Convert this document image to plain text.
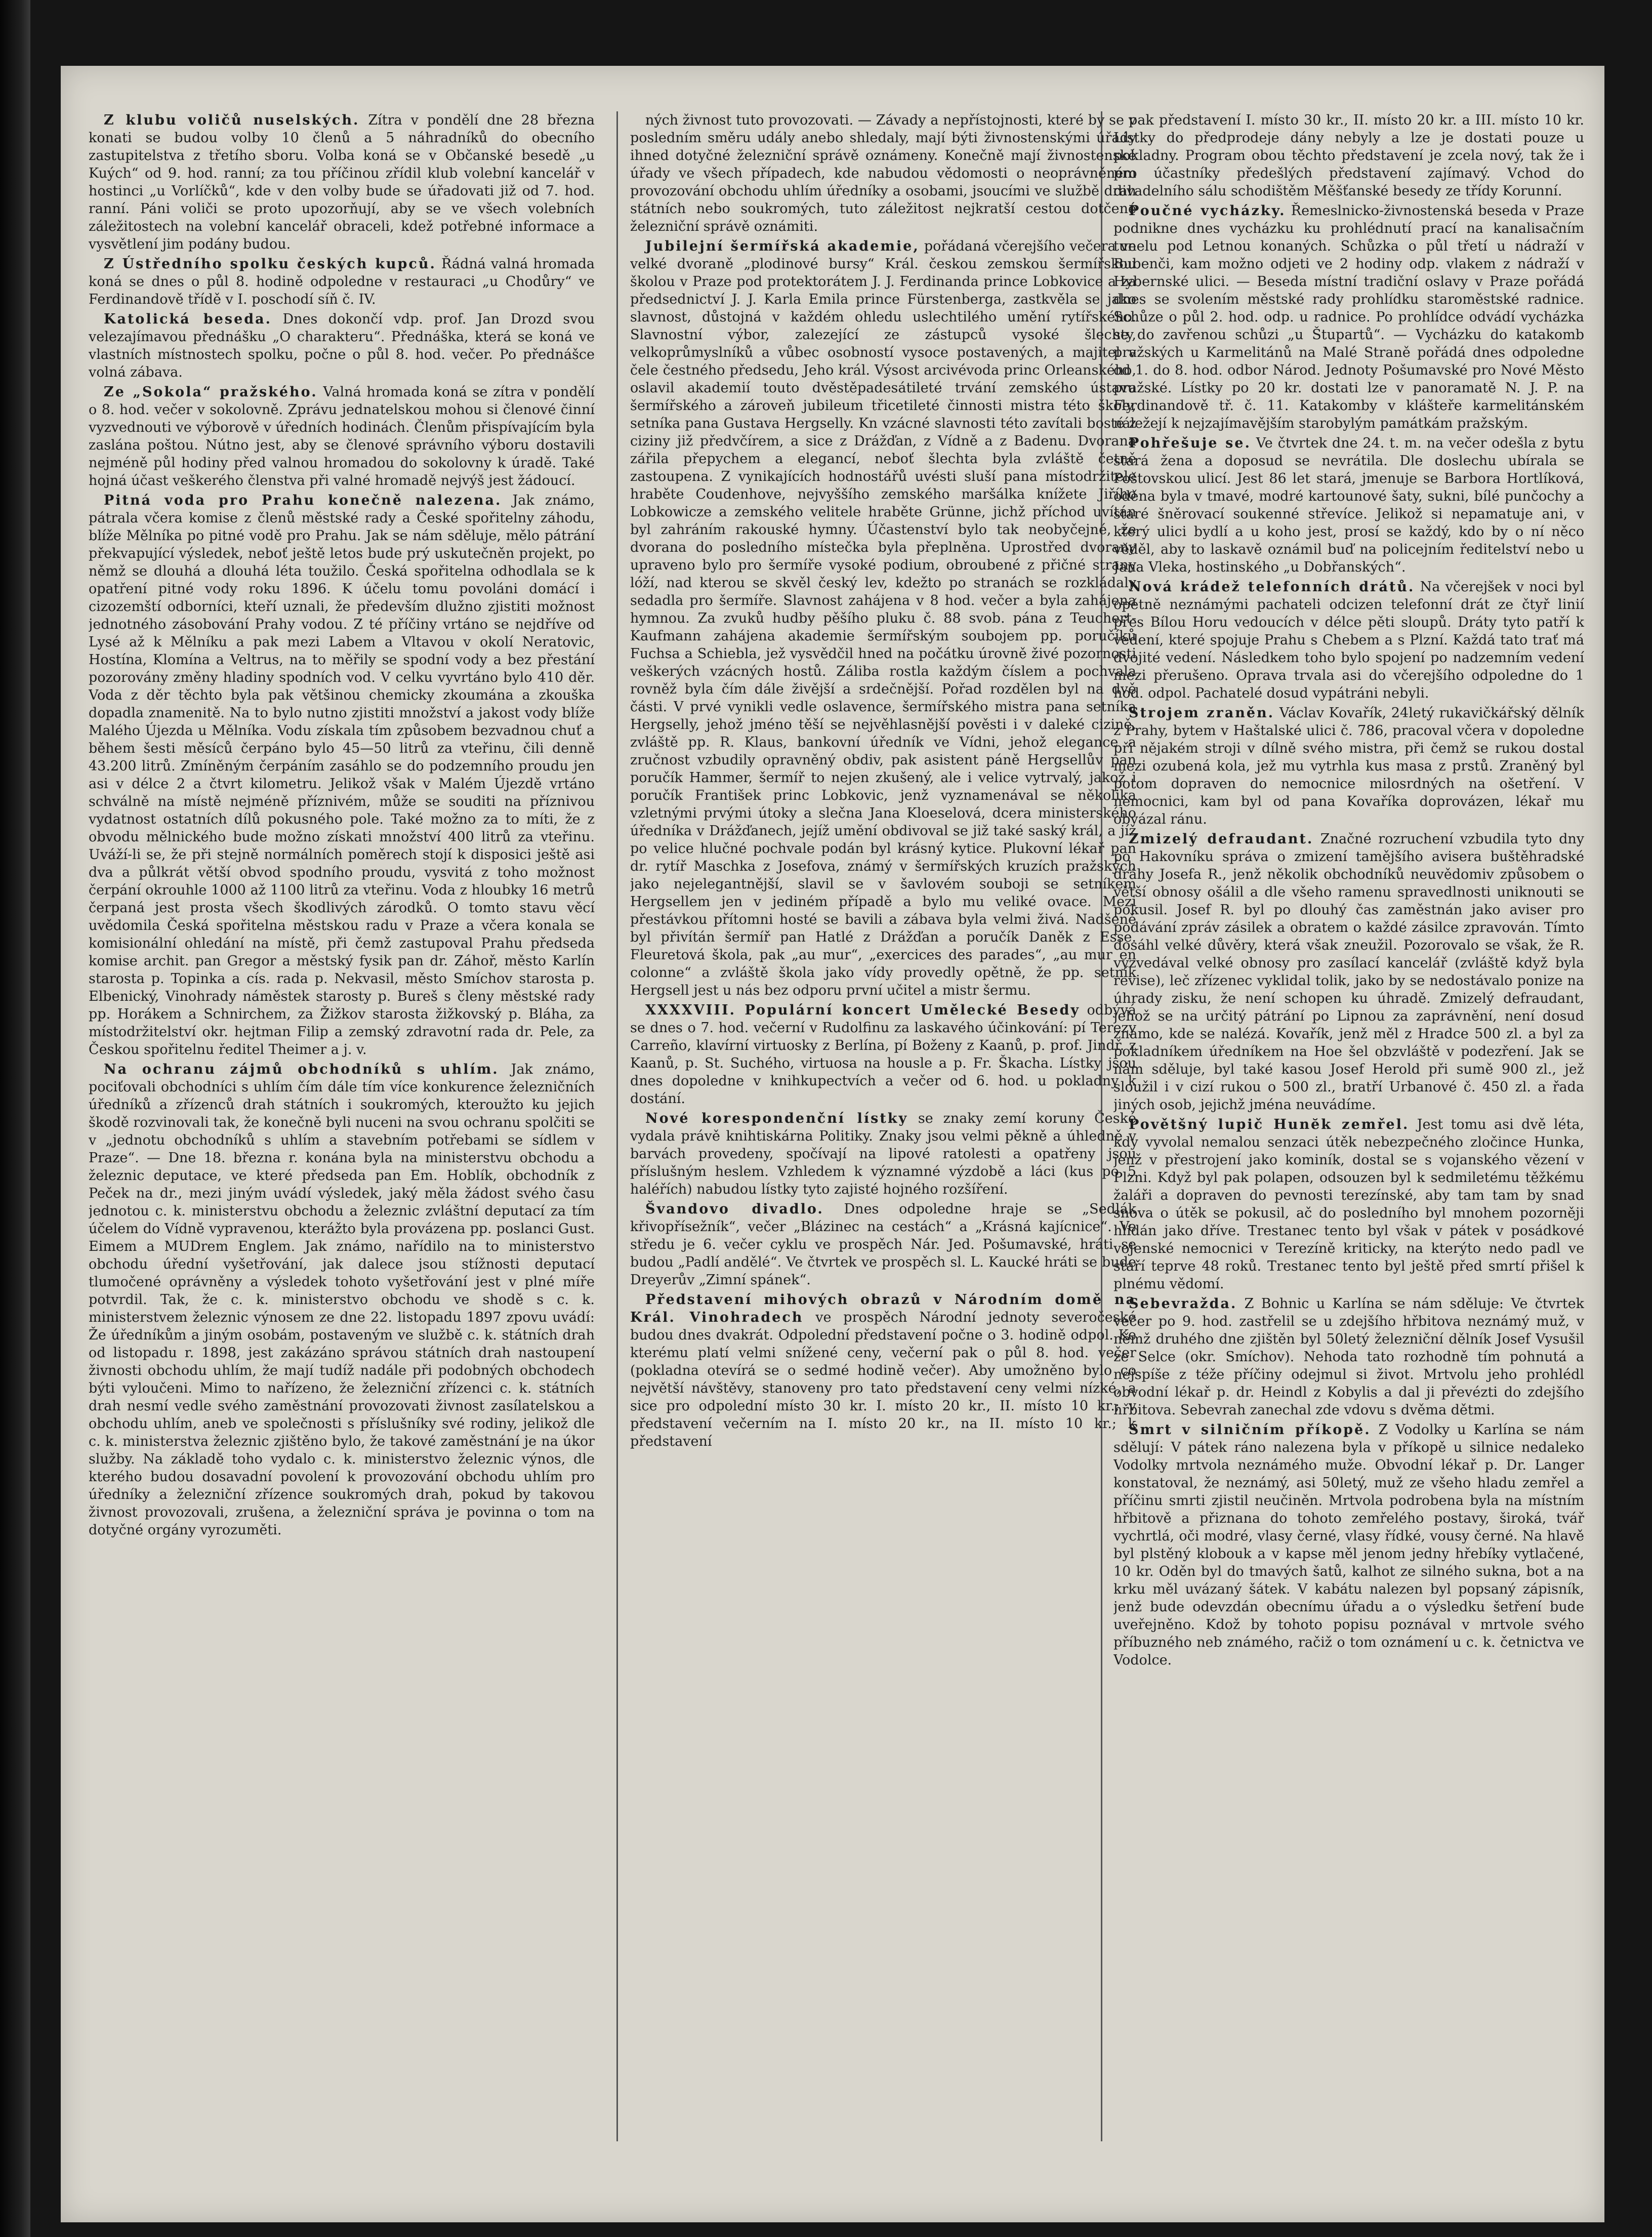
Z klubu voličů nuselských. Zítra v pondělí dne 28 března konati se budou volby 10 členů a 5 náhradníků do obecního zastupitelstva z třetího sboru. Volba koná se v Občanské besedě „u Kuých“ od 9. hod. ranní; za tou příčinou zřídil klub volební kancelář v hostinci „u Vorlíčků“, kde v den volby bude se úřadovati již od 7. hod. ranní. Páni voliči se proto upozorňují, aby se ve všech volebních záležitostech na volební kancelář obraceli, kdež potřebné informace a vysvětlení jim podány budou.

Z Ústředního spolku českých kupců. Řádná valná hromada koná se dnes o půl 8. hodině odpoledne v restauraci „u Chodůry“ ve Ferdinandově třídě v I. poschodí síň č. IV.

Katolická beseda. Dnes dokončí vdp. prof. Jan Drozd svou velezajímavou přednášku „O charakteru“. Přednáška, která se koná ve vlastních místnostech spolku, počne o půl 8. hod. večer. Po přednášce volná zábava.

Ze „Sokola“ pražského. Valná hromada koná se zítra v pondělí o 8. hod. večer v sokolovně. Zprávu jednatelskou mohou si členové činní vyzvednouti ve výborově v úředních hodinách. Členům přispívajícím byla zaslána poštou. Nútno jest, aby se členové správního výboru dostavili nejméně půl hodiny před valnou hromadou do sokolovny k úradě. Také hojná účast veškerého členstva při valné hromadě nejvýš jest žádoucí.

Pitná voda pro Prahu konečně nalezena. Jak známo, pátrala včera komise z členů městské rady a České spořitelny záhodu, blíže Mělníka po pitné vodě pro Prahu. Jak se nám sděluje, mělo pátrání překvapující výsledek, neboť ještě letos bude prý uskutečněn projekt, po němž se dlouhá a dlouhá léta toužilo. Česká spořitelna odhodlala se k opatření pitné vody roku 1896. K účelu tomu povoláni domácí i cizozemští odborníci, kteří uznali, že především dlužno zjistiti možnost jednotného zásobování Prahy vodou. Z té příčiny vrtáno se nejdříve od Lysé až k Mělníku a pak mezi Labem a Vltavou v okolí Neratovic, Hostína, Klomína a Veltrus, na to měřily se spodní vody a bez přestání pozorovány změny hladiny spodních vod. V celku vyvrtáno bylo 410 děr. Voda z děr těchto byla pak většinou chemicky zkoumána a zkouška dopadla znamenitě. Na to bylo nutno zjistiti množství a jakost vody blíže Malého Újezda u Mělníka. Vodu získala tím způsobem bezvadnou chuť a během šesti měsíců čerpáno bylo 45—50 litrů za vteřinu, čili denně 43.200 litrů. Zmíněným čerpáním zasáhlo se do podzemního proudu jen asi v délce 2 a čtvrt kilometru. Jelikož však v Malém Újezdě vrtáno schválně na místě nejméně příznivém, může se souditi na příznivou vydatnost ostatních dílů pokusného pole. Také možno za to míti, že z obvodu mělnického bude možno získati množství 400 litrů za vteřinu. Uváží-li se, že při stejně normálních poměrech stojí k disposici ještě asi dva a půlkrát větší obvod spodního proudu, vysvitá z toho možnost čerpání okrouhle 1000 až 1100 litrů za vteřinu. Voda z hloubky 16 metrů čerpaná jest prosta všech škodlivých zárodků. O tomto stavu věcí uvědomila Česká spořitelna městskou radu v Praze a včera konala se komisionální ohledání na místě, při čemž zastupoval Prahu předseda komise archit. pan Gregor a městský fysik pan dr. Záhoř, město Karlín starosta p. Topinka a cís. rada p. Nekvasil, město Smíchov starosta p. Elbenický, Vinohrady náměstek starosty p. Bureš s členy městské rady pp. Horákem a Schnirchem, za Žižkov starosta žižkovský p. Bláha, za místodržitelství okr. hejtman Filip a zemský zdravotní rada dr. Pele, za Českou spořitelnu ředitel Theimer a j. v.

Na ochranu zájmů obchodníků s uhlím. Jak známo, pociťovali obchodníci s uhlím čím dále tím více konkurence železničních úředníků a zřízenců drah státních i soukromých, kteroužto ku jejich škodě rozvinovali tak, že konečně byli nuceni na svou ochranu spolčiti se v „jednotu obchodníků s uhlím a stavebním potřebami se sídlem v Praze“. — Dne 18. března r. konána byla na ministerstvu obchodu a železnic deputace, ve které předseda pan Em. Hoblík, obchodník z Peček na dr., mezi jiným uvádí výsledek, jaký měla žádost svého času jednotou c. k. ministerstvu obchodu a železnic zvláštní deputací za tím účelem do Vídně vypravenou, kterážto byla provázena pp. poslanci Gust. Eimem a MUDrem Englem. Jak známo, nařídilo na to ministerstvo obchodu úřední vyšetřování, jak dalece jsou stížnosti deputací tlumočené oprávněny a výsledek tohoto vyšetřování jest v plné míře potvrdil. Tak, že c. k. ministerstvo obchodu ve shodě s c. k. ministerstvem železnic výnosem ze dne 22. listopadu 1897 zpovu uvádí: Že úředníkům a jiným osobám, postaveným ve službě c. k. státních drah od listopadu r. 1898, jest zakázáno správou státních drah nastoupení živnosti obchodu uhlím, že mají tudíž nadále při podobných obchodech býti vyloučeni. Mimo to nařízeno, že železniční zřízenci c. k. státních drah nesmí vedle svého zaměstnání provozovati živnost zasílatelskou a obchodu uhlím, aneb ve společnosti s příslušníky své rodiny, jelikož dle c. k. ministerstva železnic zjištěno bylo, že takové zaměstnání je na úkor služby. Na základě toho vydalo c. k. ministerstvo železnic výnos, dle kterého budou dosavadní povolení k provozování obchodu uhlím pro úředníky a železniční zřízence soukromých drah, pokud by takovou živnost provozovali, zrušena, a železniční správa je povinna o tom na dotyčné orgány vyrozuměti.

ných živnost tuto provozovati. — Závady a nepřístojnosti, které by se v posledním směru udály anebo shledaly, mají býti živnostenskými úřady ihned dotyčné železniční správě oznámeny. Konečně mají živnostenské úřady ve všech případech, kde nabudou vědomosti o neoprávněném provozování obchodu uhlím úředníky a osobami, jsoucími ve službě drah státních nebo soukromých, tuto záležitost nejkratší cestou dotčené železniční správě oznámiti.

Jubilejní šermířská akademie, pořádaná včerejšího večera ve velké dvoraně „plodinové bursy“ Král. českou zemskou šermířskou školou v Praze pod protektorátem J. J. Ferdinanda prince Lobkovice a za předsednictví J. J. Karla Emila prince Fürstenberga, zastkvěla se jako slavnost, důstojná v každém ohledu uslechtilého umění rytířského. Slavnostní výbor, zalezející ze zástupců vysoké šlechty, velkoprůmyslníků a vůbec osobností vysoce postavených, a majitel v čele čestného předsedu, Jeho král. Výsost arcivévoda princ Orleanského, oslavil akademií touto dvěstěpadesátileté trvání zemského ústavu šermířského a zároveň jubileum třicetileté činnosti mistra této školy, setníka pana Gustava Hergselly. Kn vzácné slavnosti této zavítali bosté z ciziny již předvčírem, a sice z Drážďan, z Vídně a z Badenu. Dvorana zářila přepychem a elegancí, neboť šlechta byla zvláště četně zastoupena. Z vynikajících hodnostářů uvésti sluší pana místodržitele hraběte Coudenhove, nejvyššího zemského maršálka knížete Jiřího Lobkowicze a zemského velitele hraběte Grünne, jichž příchod uvítán byl zahráním rakouské hymny. Účastenství bylo tak neobyčejné, že dvorana do posledního místečka byla přeplněna. Uprostřed dvorany upraveno bylo pro šermíře vysoké podium, obroubené z přičné strany lóží, nad kterou se skvěl český lev, kdežto po stranách se rozkládaly sedadla pro šermíře. Slavnost zahájena v 8 hod. večer a byla zahájena hymnou. Za zvuků hudby pěšího pluku č. 88 svob. pána z Teuchert-Kaufmann zahájena akademie šermířským soubojem pp. poručíků Fuchsa a Schiebla, jež vysvědčil hned na počátku úrovně živé pozornosti veškerých vzácných hostů. Záliba rostla každým číslem a pochvala rovněž byla čím dále živější a srdečnější. Pořad rozdělen byl na dvě části. V prvé vynikli vedle oslavence, šermířského mistra pana setníka Hergselly, jehož jméno těší se nejvěhlasnější pověsti i v daleké cizině, zvláště pp. R. Klaus, bankovní úředník ve Vídni, jehož elegance a zručnost vzbudily opravněný obdiv, pak asistent páně Hergsellův pan poručík Hammer, šermíř to nejen zkušený, ale i velice vytrvalý, jakož i poručík František princ Lobkovic, jenž vyznamenával se několika vzletnými prvými útoky a slečna Jana Kloeselová, dcera ministerského úředníka v Drážďanech, jejíž umění obdivoval se již také saský král, a jíž po velice hlučné pochvale podán byl krásný kytice. Plukovní lékař pan dr. rytíř Maschka z Josefova, známý v šermířských kruzích pražských jako nejelegantnější, slavil se v šavlovém souboji se setníkem Hergsellem jen v jediném případě a bylo mu veliké ovace. Mezi přestávkou přítomni hosté se bavili a zábava byla velmi živá. Nadšeně byl přivítán šermíř pan Hatlé z Drážďan a poručík Daněk z Esse. Fleuretová škola, pak „au mur“, „exercices des parades“, „au mur en colonne“ a zvláště škola jako vídy provedly opětně, že pp. setník Hergsell jest u nás bez odporu první učitel a mistr šermu.

XXXXVIII. Populární koncert Umělecké Besedy odbývá se dnes o 7. hod. večerní v Rudolfinu za laskavého účinkování: pí Terezy Carreño, klavírní virtuosky z Berlína, pí Boženy z Kaanů, p. prof. Jindř. z Kaanů, p. St. Suchého, virtuosa na housle a p. Fr. Škacha. Lístky jsou dnes dopoledne v knihkupectvích a večer od 6. hod. u pokladny k dostání.

Nové korespondenční lístky se znaky zemí koruny České vydala právě knihtiskárna Politiky. Znaky jsou velmi pěkně a úhledně v barvách provedeny, spočívají na lipové ratolesti a opatřeny jsou příslušným heslem. Vzhledem k významné výzdobě a láci (kus po 5 haléřích) nabudou lístky tyto zajisté hojného rozšíření.

Švandovo divadlo. Dnes odpoledne hraje se „Sedlák křivopřísežník“, večer „Blázinec na cestách“ a „Krásná kajícnice“. Ve středu je 6. večer cyklu ve prospěch Nár. Jed. Pošumavské, hráti se budou „Padlí andělé“. Ve čtvrtek ve prospěch sl. L. Kaucké hráti se bude Dreyerův „Zimní spánek“.

Představení mihových obrazů v Národním domě na Král. Vinohradech ve prospěch Národní jednoty severočeské budou dnes dvakrát. Odpolední představení počne o 3. hodině odpol. Ke kterému platí velmi snížené ceny, večerní pak o půl 8. hod. večer (pokladna otevírá se o sedmé hodině večer). Aby umožněno bylo co největší návštěvy, stanoveny pro tato představení ceny velmi nízké, a sice pro odpolední místo 30 kr. I. místo 20 kr., II. místo 10 kr.; v představení večerním na I. místo 20 kr., na II. místo 10 kr.; k představení

pak představení I. místo 30 kr., II. místo 20 kr. a III. místo 10 kr. Lístky do předprodeje dány nebyly a lze je dostati pouze u pokladny. Program obou těchto představení je zcela nový, tak že i pro účastníky předešlých představení zajímavý. Vchod do divadelního sálu schodištěm Měšťanské besedy ze třídy Korunní.

Poučné vycházky. Řemeslnicko-živnostenská beseda v Praze podnikne dnes vycházku ku prohlédnutí prací na kanalisačním tunelu pod Letnou konaných. Schůzka o půl třetí u nádraží v Bubenči, kam možno odjeti ve 2 hodiny odp. vlakem z nádraží v Hybernské ulici. — Beseda místní tradiční oslavy v Praze pořádá dnes se svolením městské rady prohlídku staroměstské radnice. Schůze o půl 2. hod. odp. u radnice. Po prohlídce odvádí vycházka se do zavřenou schůzi „u Štupartů“. — Vycházku do katakomb pražských u Karmelitánů na Malé Straně pořádá dnes odpoledne od 1. do 8. hod. odbor Národ. Jednoty Pošumavské pro Nové Město pražské. Lístky po 20 kr. dostati lze v panoramatě N. J. P. na Ferdinandově tř. č. 11. Katakomby v klášteře karmelitánském náležejí k nejzajímavějším starobylým památkám pražským.

Pohřešuje se. Ve čtvrtek dne 24. t. m. na večer odešla z bytu stará žena a doposud se nevrátila. Dle doslechu ubírala se Poštovskou ulicí. Jest 86 let stará, jmenuje se Barbora Hortlíková, oděna byla v tmavé, modré kartounové šaty, sukni, bílé punčochy a staré šněrovací soukenné střevíce. Jelikož si nepamatuje ani, v který ulici bydlí a u koho jest, prosí se každý, kdo by o ní něco věděl, aby to laskavě oznámil buď na policejním ředitelství nebo u Jana Vleka, hostinského „u Dobřanských“.

Nová krádež telefonních drátů. Na včerejšek v noci byl opětně neznámými pachateli odcizen telefonní drát ze čtyř linií přes Bílou Horu vedoucích v délce pěti sloupů. Dráty tyto patří k vedení, které spojuje Prahu s Chebem a s Plzní. Každá tato trať má dvojité vedení. Následkem toho bylo spojení po nadzemním vedení mezi přerušeno. Oprava trvala asi do včerejšího odpoledne do 1 hod. odpol. Pachatelé dosud vypátráni nebyli.

Strojem zraněn. Václav Kovařík, 24letý rukavičkářský dělník z Prahy, bytem v Haštalské ulici č. 786, pracoval včera v dopoledne při nějakém stroji v dílně svého mistra, při čemž se rukou dostal mezi ozubená kola, jež mu vytrhla kus masa z prstů. Zraněný byl potom dopraven do nemocnice milosrdných na ošetření. V nemocnici, kam byl od pana Kovaříka doprovázen, lékař mu obvázal ránu.

Zmizelý defraudant. Značné rozruchení vzbudila tyto dny po Hakovníku správa o zmizení tamějšího avisera buštěhradské dráhy Josefa R., jenž několik obchodníků neuvědomiv způsobem o větší obnosy ošálil a dle všeho ramenu spravedlnosti uniknouti se pokusil. Josef R. byl po dlouhý čas zaměstnán jako aviser pro podávání zpráv zásilek a obratem o každé zásilce zpravován. Tímto dosáhl velké důvěry, která však zneužil. Pozorovalo se však, že R. vyzvedával velké obnosy pro zasílací kancelář (zvláště když byla revise), leč zřízenec vyklidal tolik, jako by se nedostávalo ponize na úhrady zisku, že není schopen ku úhradě. Zmizelý defraudant, jehož se na určitý pátrání po Lipnou za zaprávnění, není dosud známo, kde se nalézá. Kovařík, jenž měl z Hradce 500 zl. a byl za pokladníkem úředníkem na Hoe šel obzvláště v podezření. Jak se nám sděluje, byl také kasou Josef Herold při sumě 900 zl., jež sloužil i v cizí rukou o 500 zl., bratří Urbanové č. 450 zl. a řada jiných osob, jejichž jména neuvádíme.

Povětšný lupič Hunĕk zemřel. Jest tomu asi dvě léta, kdy vyvolal nemalou senzaci útěk nebezpečného zločince Hunka, jenž v přestrojení jako kominík, dostal se s vojanského vězení v Plzni. Když byl pak polapen, odsouzen byl k sedmiletému těžkému žaláři a dopraven do pevnosti terezínské, aby tam tam by snad snova o útěk se pokusil, ač do posledního byl mnohem pozorněji hlídán jako dříve. Trestanec tento byl však v pátek v posádkové vojenské nemocnici v Terezíně kriticky, na kterýto nedo padl ve stáří teprve 48 roků. Trestanec tento byl ještě před smrtí přišel k plnému vědomí.

Sebevražda. Z Bohnic u Karlína se nám sděluje: Ve čtvrtek večer po 9. hod. zastřelil se u zdejšího hřbitova neznámý muž, v němž druhého dne zjištěn byl 50letý železniční dělník Josef Vysušil ze Selce (okr. Smíchov). Nehoda tato rozhodně tím pohnutá a nejspíše z téže příčiny odejmul si život. Mrtvolu jeho prohlédl obvodní lékař p. dr. Heindl z Kobylis a dal ji převézti do zdejšího hřbitova. Sebevrah zanechal zde vdovu s dvěma dětmi.

Smrt v silničním příkopě. Z Vodolky u Karlína se nám sdělují: V pátek ráno nalezena byla v příkopě u silnice nedaleko Vodolky mrtvola neznámého muže. Obvodní lékař p. Dr. Langer konstatoval, že neznámý, asi 50letý, muž ze všeho hladu zemřel a příčinu smrti zjistil neučiněn. Mrtvola podrobena byla na místním hřbitově a přiznana do tohoto zemřelého postavy, široká, tvář vychrtlá, oči modré, vlasy černé, vlasy řídké, vousy černé. Na hlavě byl plstěný klobouk a v kapse měl jenom jedny hřebíky vytlačené, 10 kr. Oděn byl do tmavých šatů, kalhot ze silného sukna, bot a na krku měl uvázaný šátek. V kabátu nalezen byl popsaný zápisník, jenž bude odevzdán obecnímu úřadu a o výsledku šetření bude uveřejněno. Kdož by tohoto popisu poznával v mrtvole svého příbuzného neb známého, račiž o tom oznámení u c. k. četnictva ve Vodolce.
